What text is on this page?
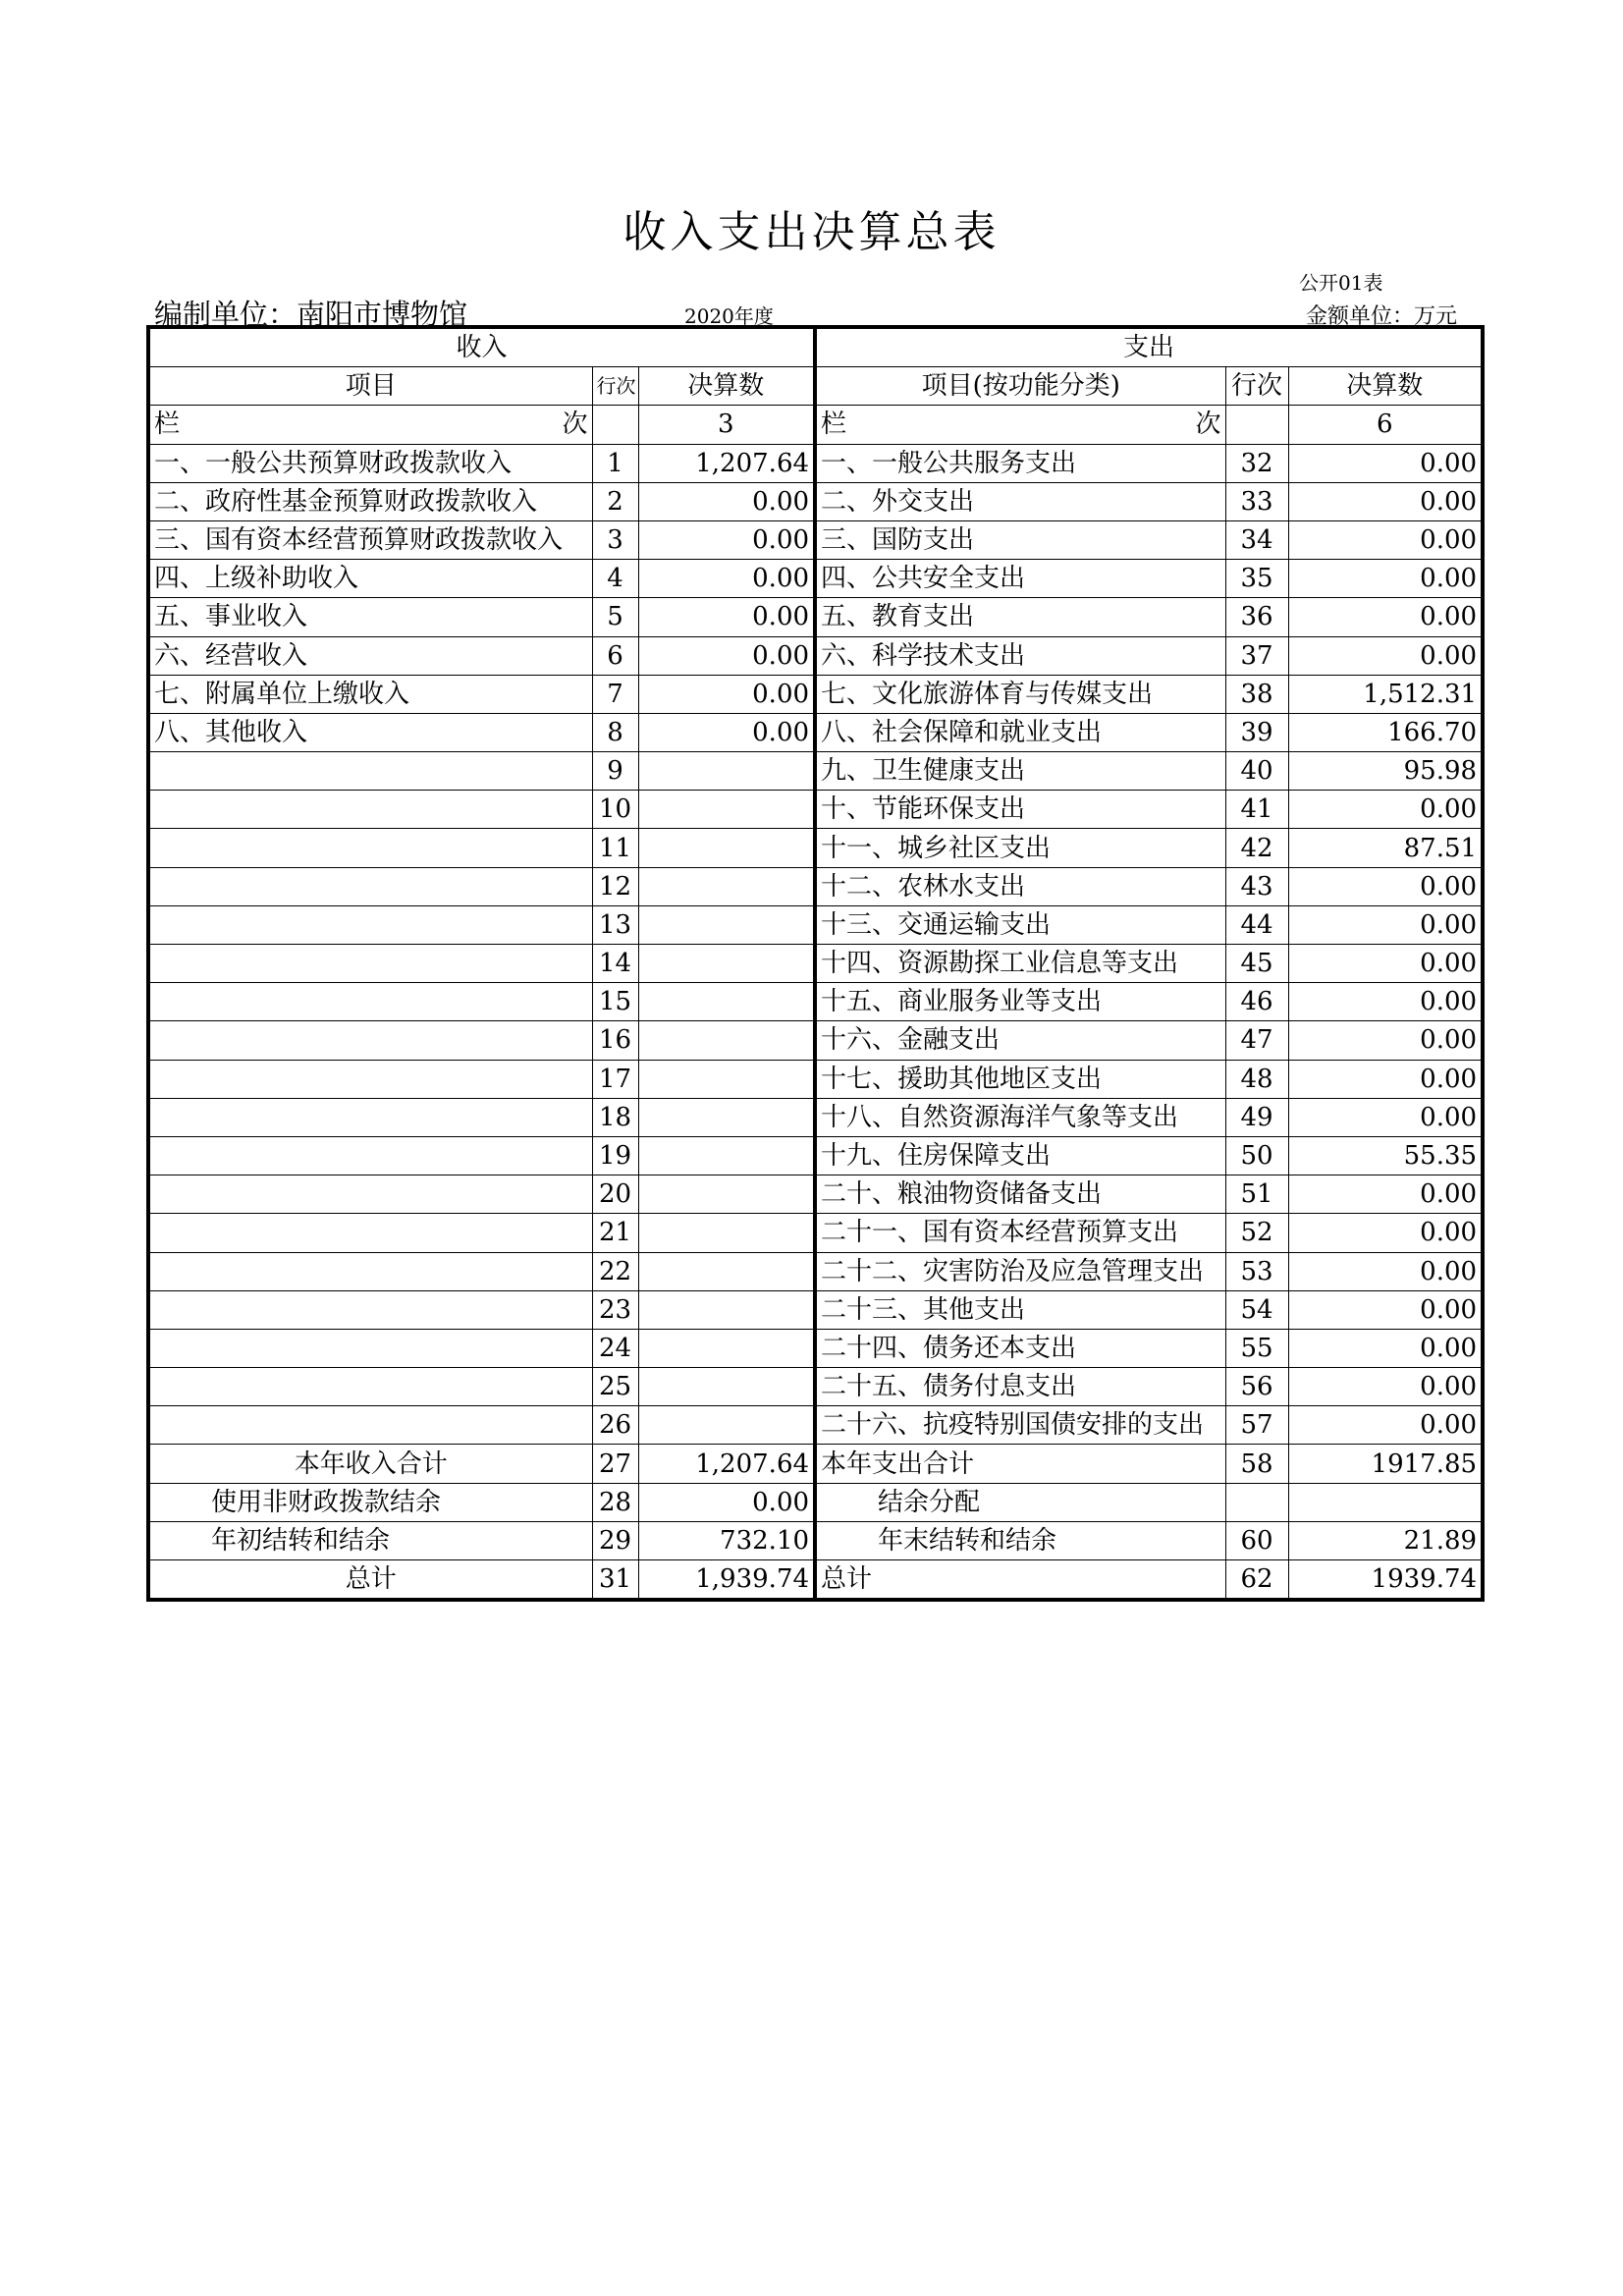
收入支出决算总表
公开01表
编制单位：南阳市博物馆	2020年度	金额单位：万元
收入			支出		
项目	行次	决算数	项目(按功能分类)	行次	决算数

栏 次		3	栏 次		6
一、一般公共预算财政拨款收入	1	1,207.64	一、一般公共服务支出	32	0.00
二、政府性基金预算财政拨款收入	2	0.00	二、外交支出	33	0.00
三、国有资本经营预算财政拨款收入	3	0.00	三、国防支出	34	0.00
四、上级补助收入	4	0.00	四、公共安全支出	35	0.00
五、事业收入	5	0.00	五、教育支出	36	0.00
六、经营收入	6	0.00	六、科学技术支出	37	0.00
七、附属单位上缴收入	7	0.00	七、文化旅游体育与传媒支出	38	1,512.31
八、其他收入	8	0.00	八、社会保障和就业支出	39	166.70
	9		九、卫生健康支出	40	95.98
	10		十、节能环保支出	41	0.00
	11		十一、城乡社区支出	42	87.51
	12		十二、农林水支出	43	0.00
	13		十三、交通运输支出	44	0.00
	14		十四、资源勘探工业信息等支出	45	0.00
	15		十五、商业服务业等支出	46	0.00
	16		十六、金融支出	47	0.00
	17		十七、援助其他地区支出	48	0.00
	18		十八、自然资源海洋气象等支出	49	0.00
	19		十九、住房保障支出	50	55.35
	20		二十、粮油物资储备支出	51	0.00
	21		二十一、国有资本经营预算支出	52	0.00
	22		二十二、灾害防治及应急管理支出	53	0.00
	23		二十三、其他支出	54	0.00
	24		二十四、债务还本支出	55	0.00
	25		二十五、债务付息支出	56	0.00
	26		二十六、抗疫特别国债安排的支出	57	0.00
本年收入合计	27	1,207.64	本年支出合计	58	1917.85
使用非财政拨款结余	28	0.00	结余分配		
年初结转和结余	29	732.10	年末结转和结余	60	21.89
总计	31	1,939.74	总计	62	1939.74
